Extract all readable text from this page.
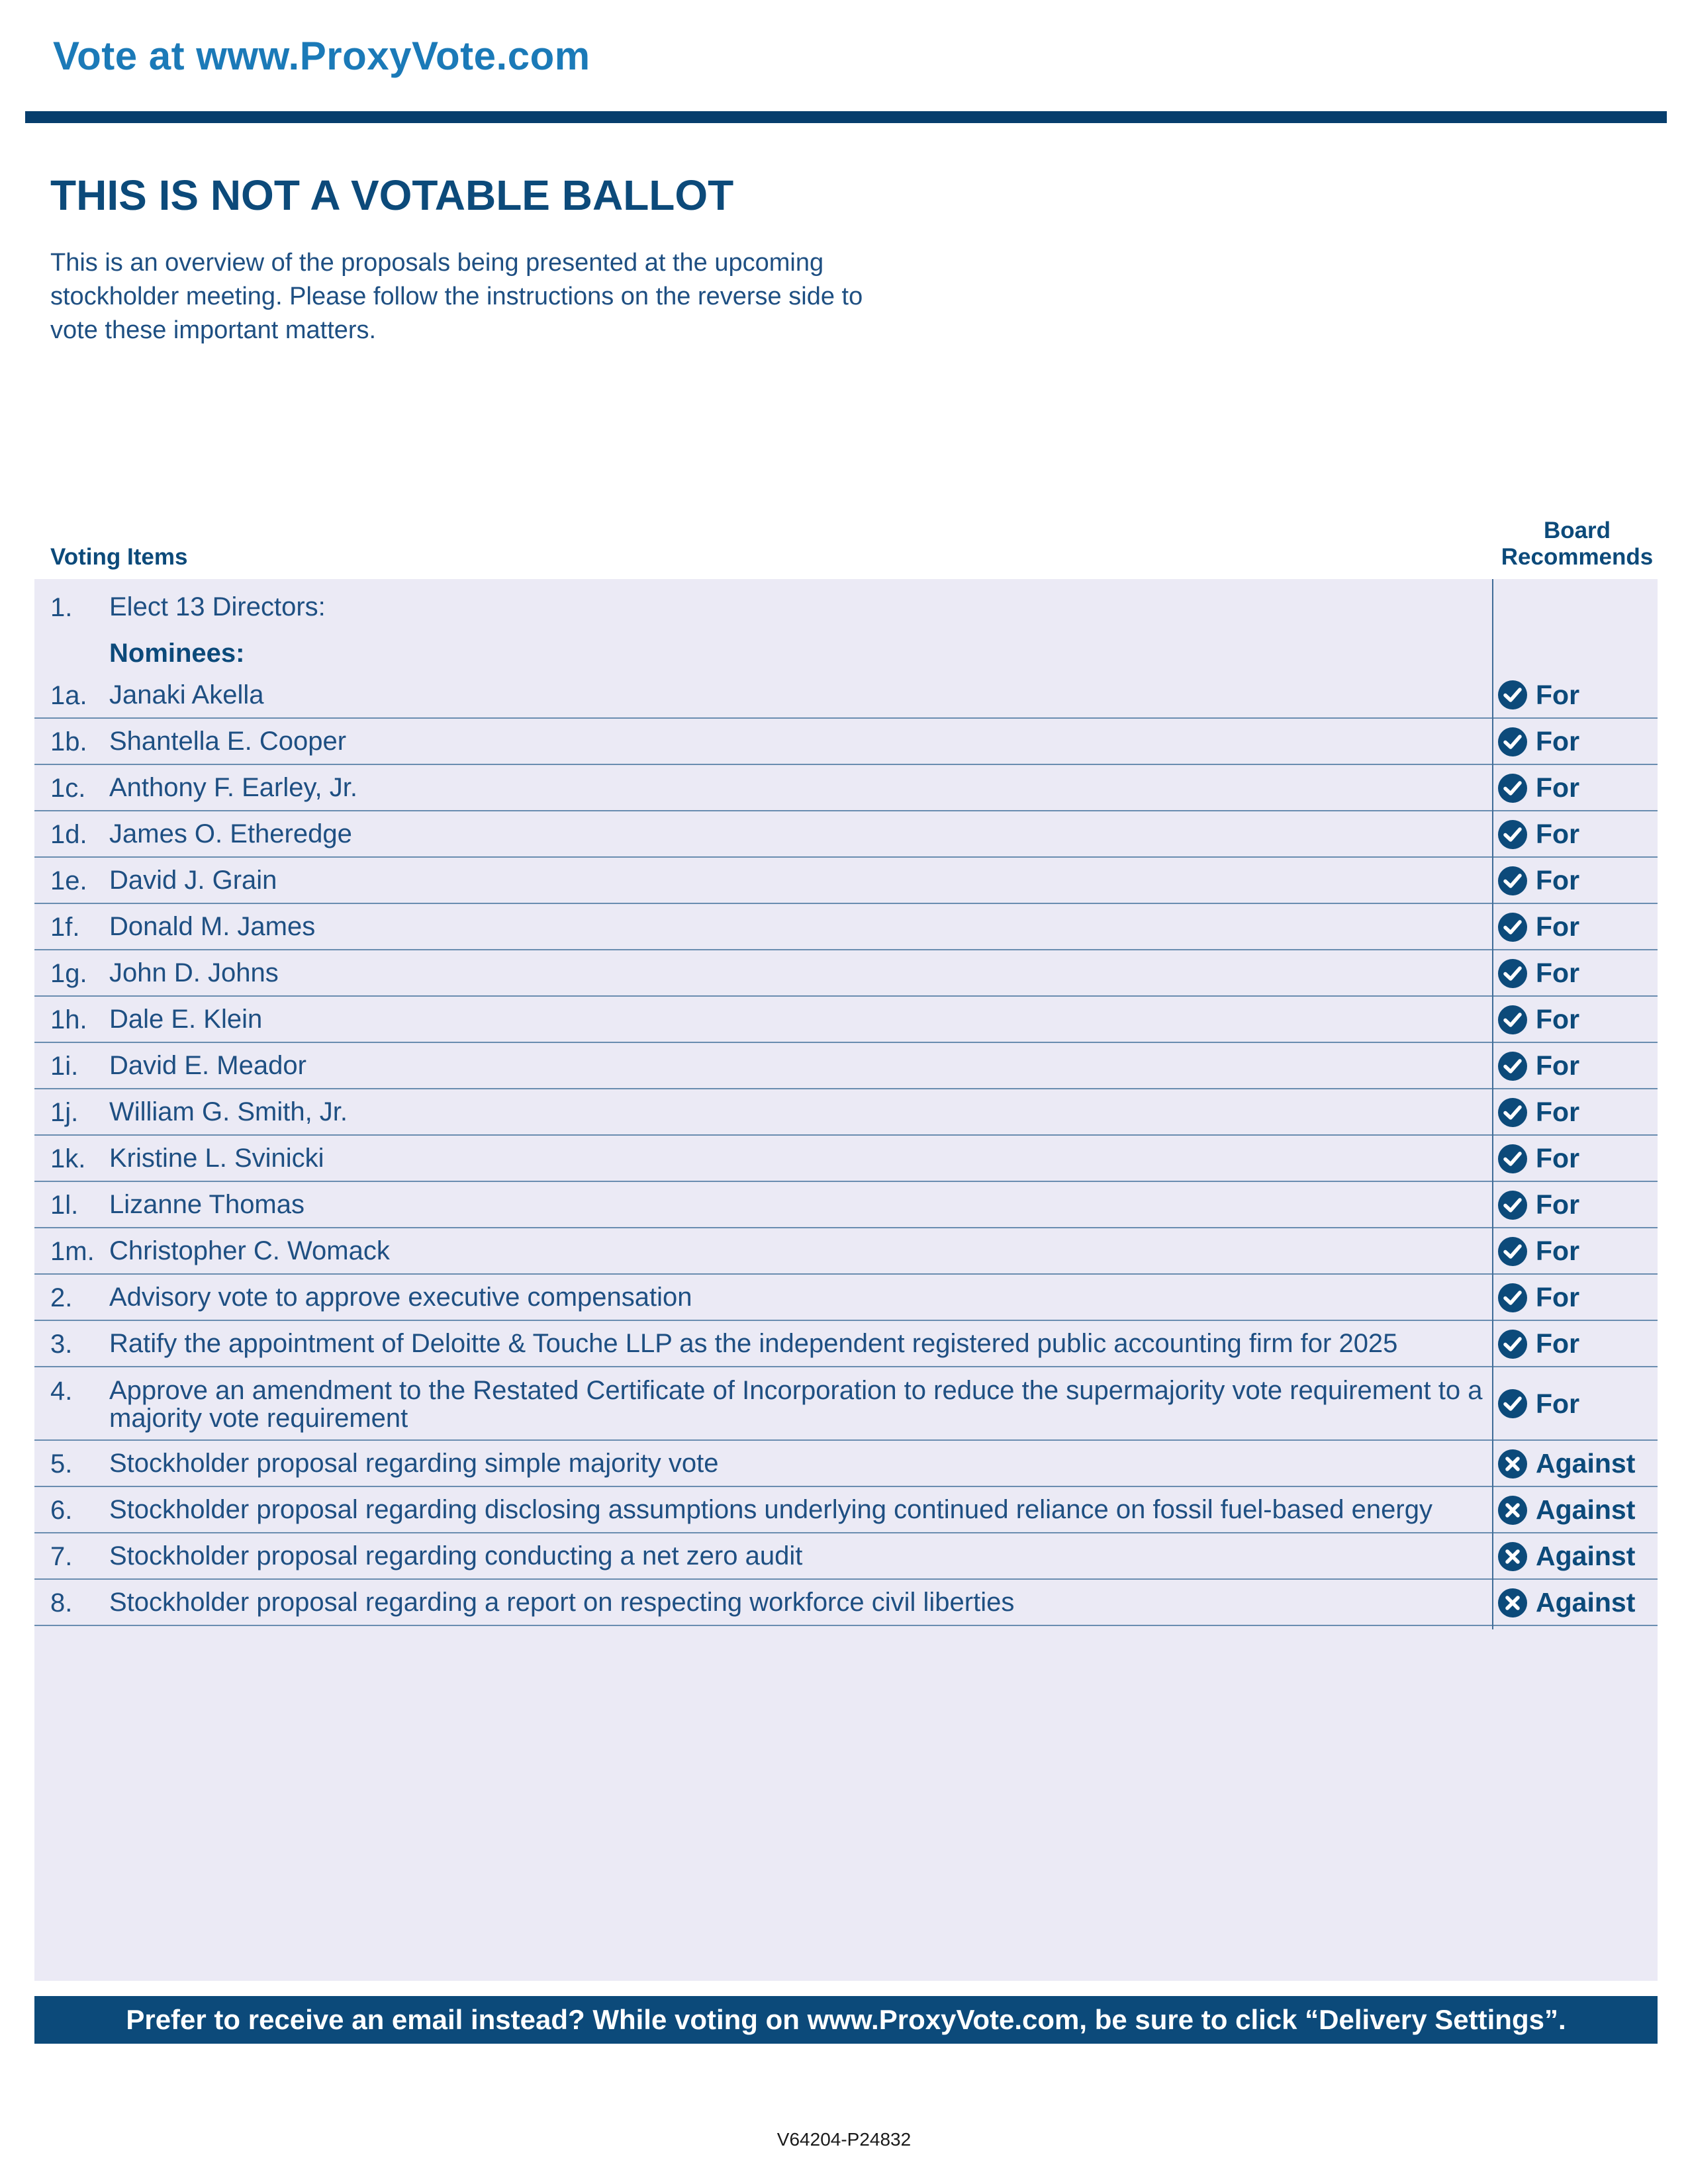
Vote at www.ProxyVote.com
THIS IS NOT A VOTABLE BALLOT
This is an overview of the proposals being presented at the upcoming stockholder meeting. Please follow the instructions on the reverse side to vote these important matters.
Voting Items
Board
Recommends
1. Elect 13 Directors:
Nominees:
1a. Janaki Akella	For
1b. Shantella E. Cooper	For
1c. Anthony F. Earley, Jr.	For
1d. James O. Etheredge	For
1e. David J. Grain	For
1f. Donald M. James	For
1g. John D. Johns	For
1h. Dale E. Klein	For
1i. David E. Meador	For
1j. William G. Smith, Jr.	For
1k. Kristine L. Svinicki	For
1l. Lizanne Thomas	For
1m. Christopher C. Womack	For
2. Advisory vote to approve executive compensation	For
3. Ratify the appointment of Deloitte & Touche LLP as the independent registered public accounting firm for 2025	For
4. Approve an amendment to the Restated Certificate of Incorporation to reduce the supermajority vote requirement to a majority vote requirement	For
5. Stockholder proposal regarding simple majority vote	Against
6. Stockholder proposal regarding disclosing assumptions underlying continued reliance on fossil fuel-based energy	Against
7. Stockholder proposal regarding conducting a net zero audit	Against
8. Stockholder proposal regarding a report on respecting workforce civil liberties	Against
Prefer to receive an email instead? While voting on www.ProxyVote.com, be sure to click “Delivery Settings”.
V64204-P24832
